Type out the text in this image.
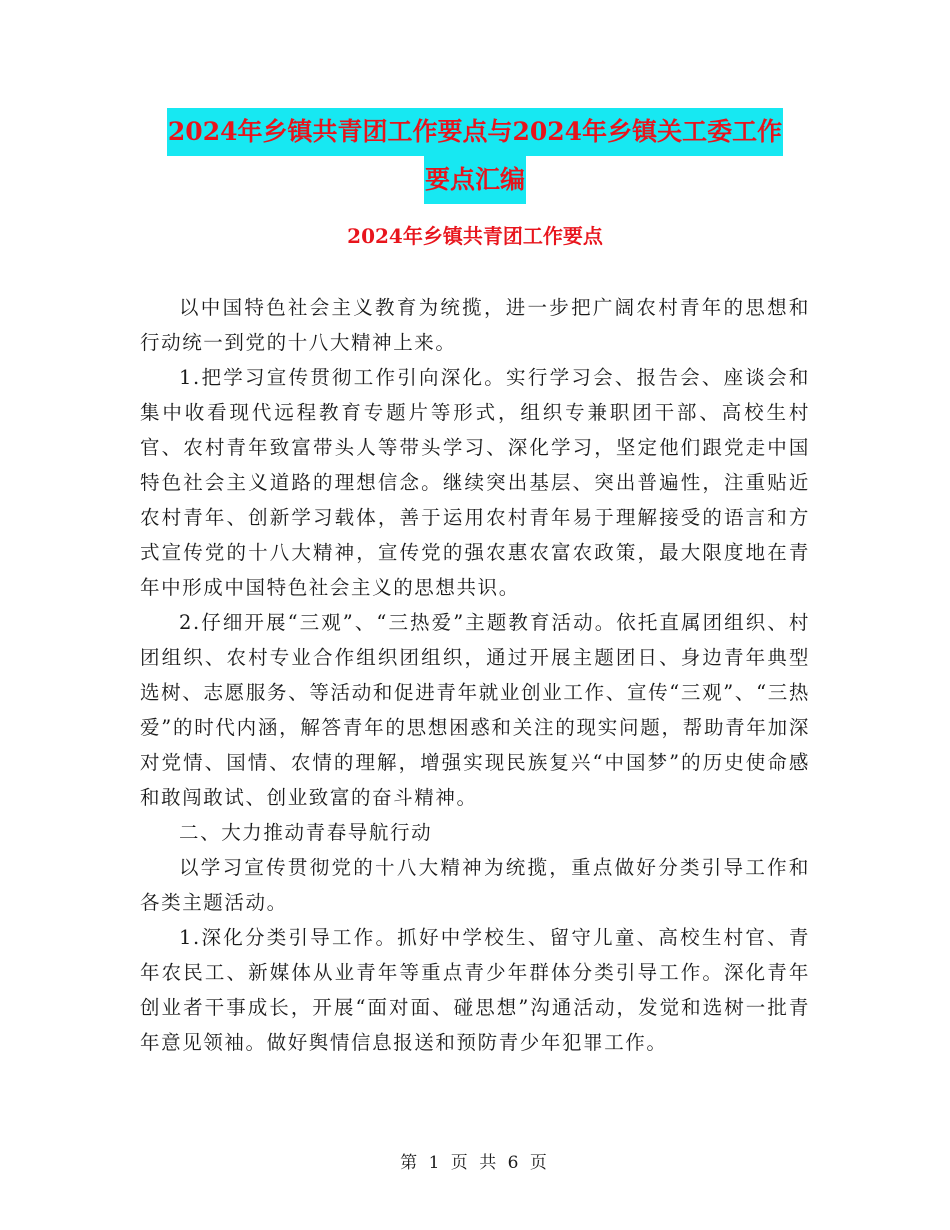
2024年乡镇共青团工作要点与2024年乡镇关工委工作
要点汇编
2024年乡镇共青团工作要点

以中国特色社会主义教育为统揽，进一步把广阔农村青年的思想和行动统一到党的十八大精神上来。

1.把学习宣传贯彻工作引向深化。实行学习会、报告会、座谈会和集中收看现代远程教育专题片等形式，组织专兼职团干部、高校生村官、农村青年致富带头人等带头学习、深化学习，坚定他们跟党走中国特色社会主义道路的理想信念。继续突出基层、突出普遍性，注重贴近农村青年、创新学习载体，善于运用农村青年易于理解接受的语言和方式宣传党的十八大精神，宣传党的强农惠农富农政策，最大限度地在青年中形成中国特色社会主义的思想共识。

2.仔细开展“三观”、“三热爱”主题教育活动。依托直属团组织、村团组织、农村专业合作组织团组织，通过开展主题团日、身边青年典型选树、志愿服务、等活动和促进青年就业创业工作、宣传“三观”、“三热爱”的时代内涵，解答青年的思想困惑和关注的现实问题，帮助青年加深对党情、国情、农情的理解，增强实现民族复兴“中国梦”的历史使命感和敢闯敢试、创业致富的奋斗精神。

二、大力推动青春导航行动

以学习宣传贯彻党的十八大精神为统揽，重点做好分类引导工作和各类主题活动。

1.深化分类引导工作。抓好中学校生、留守儿童、高校生村官、青年农民工、新媒体从业青年等重点青少年群体分类引导工作。深化青年创业者干事成长，开展“面对面、碰思想”沟通活动，发觉和选树一批青年意见领袖。做好舆情信息报送和预防青少年犯罪工作。

第 1 页 共 6 页
